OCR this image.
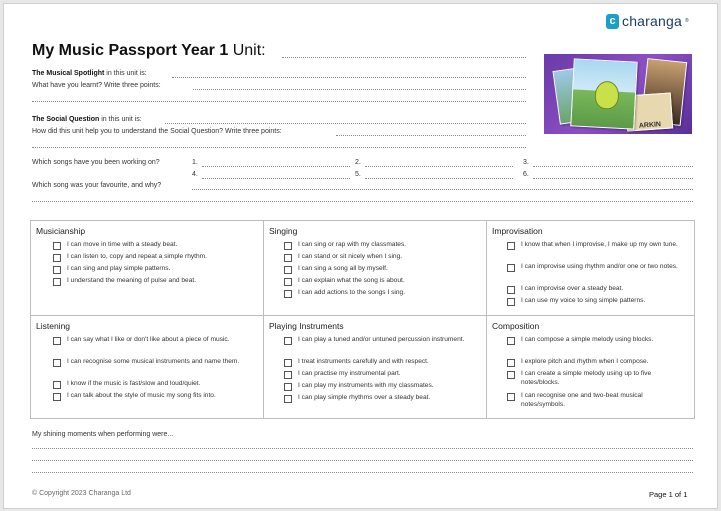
c charanga ®
My Music Passport Year 1 Unit:
The Musical Spotlight in this unit is:
What have you learnt? Write three points:
The Social Question in this unit is:
How did this unit help you to understand the Social Question? Write three points:
ARKIN
Which songs have you been working on?	1.	2.	3.
4.	5.	6.
Which song was your favourite, and why?
Musicianship
I can move in time with a steady beat.
I can listen to, copy and repeat a simple rhythm.
I can sing and play simple patterns.
I understand the meaning of pulse and beat.
Singing
I can sing or rap with my classmates.
I can stand or sit nicely when I sing.
I can sing a song all by myself.
I can explain what the song is about.
I can add actions to the songs I sing.
Improvisation
I know that when I improvise, I make up my own tune.
I can improvise using rhythm and/or one or two notes.
I can improvise over a steady beat.
I can use my voice to sing simple patterns.
Listening
I can say what I like or don't like about a piece of music.
I can recognise some musical instruments and name them.
I know if the music is fast/slow and loud/quiet.
I can talk about the style of music my song fits into.
Playing Instruments
I can play a tuned and/or untuned percussion instrument.
I treat instruments carefully and with respect.
I can practise my instrumental part.
I can play my instruments with my classmates.
I can play simple rhythms over a steady beat.
Composition
I can compose a simple melody using blocks.
I explore pitch and rhythm when I compose.
I can create a simple melody using up to five notes/blocks.
I can recognise one and two-beat musical notes/symbols.
My shining moments when performing were...
© Copyright 2023 Charanga Ltd	Page 1 of 1
